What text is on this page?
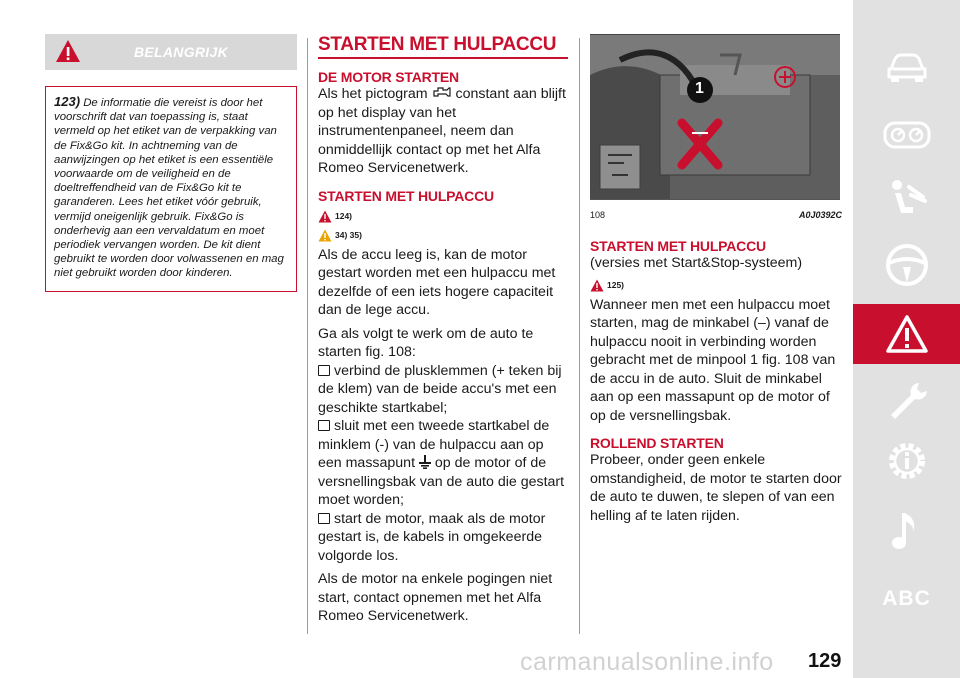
BELANGRIJK
123) De informatie die vereist is door het voorschrift dat van toepassing is, staat vermeld op het etiket van de verpakking van de Fix&Go kit. In achtneming van de aanwijzingen op het etiket is een essentiële voorwaarde om de veiligheid en de doeltreffendheid van de Fix&Go kit te garanderen. Lees het etiket vóór gebruik, vermijd oneigenlijk gebruik. Fix&Go is onderhevig aan een vervaldatum en moet periodiek vervangen worden. De kit dient gebruikt te worden door volwassenen en mag niet gebruikt worden door kinderen.
STARTEN MET HULPACCU
DE MOTOR STARTEN

Als het pictogram constant aan blijft op het display van het instrumentenpaneel, neem dan onmiddellijk contact op met het Alfa Romeo Servicenetwerk.

STARTEN MET HULPACCU
124)
34) 35)

Als de accu leeg is, kan de motor gestart worden met een hulpaccu met dezelfde of een iets hogere capaciteit dan de lege accu.

Ga als volgt te werk om de auto te starten fig. 108:

verbind de plusklemmen (+ teken bij de klem) van de beide accu's met een geschikte startkabel;

sluit met een tweede startkabel de minklem (-) van de hulpaccu aan op een massapunt op de motor of de versnellingsbak van de auto die gestart moet worden;

start de motor, maak als de motor gestart is, de kabels in omgekeerde volgorde los.

Als de motor na enkele pogingen niet start, contact opnemen met het Alfa Romeo Servicenetwerk.

1
108	A0J0392C
STARTEN MET HULPACCU

(versies met Start&Stop-systeem)

125)

Wanneer men met een hulpaccu moet starten, mag de minkabel (–) vanaf de hulpaccu nooit in verbinding worden gebracht met de minpool 1 fig. 108 van de accu in de auto. Sluit de minkabel aan op een massapunt op de motor of op de versnellingsbak.

ROLLEND STARTEN

Probeer, onder geen enkele omstandigheid, de motor te starten door de auto te duwen, te slepen of van een helling af te laten rijden.

ABC
carmanualsonline.info 129
